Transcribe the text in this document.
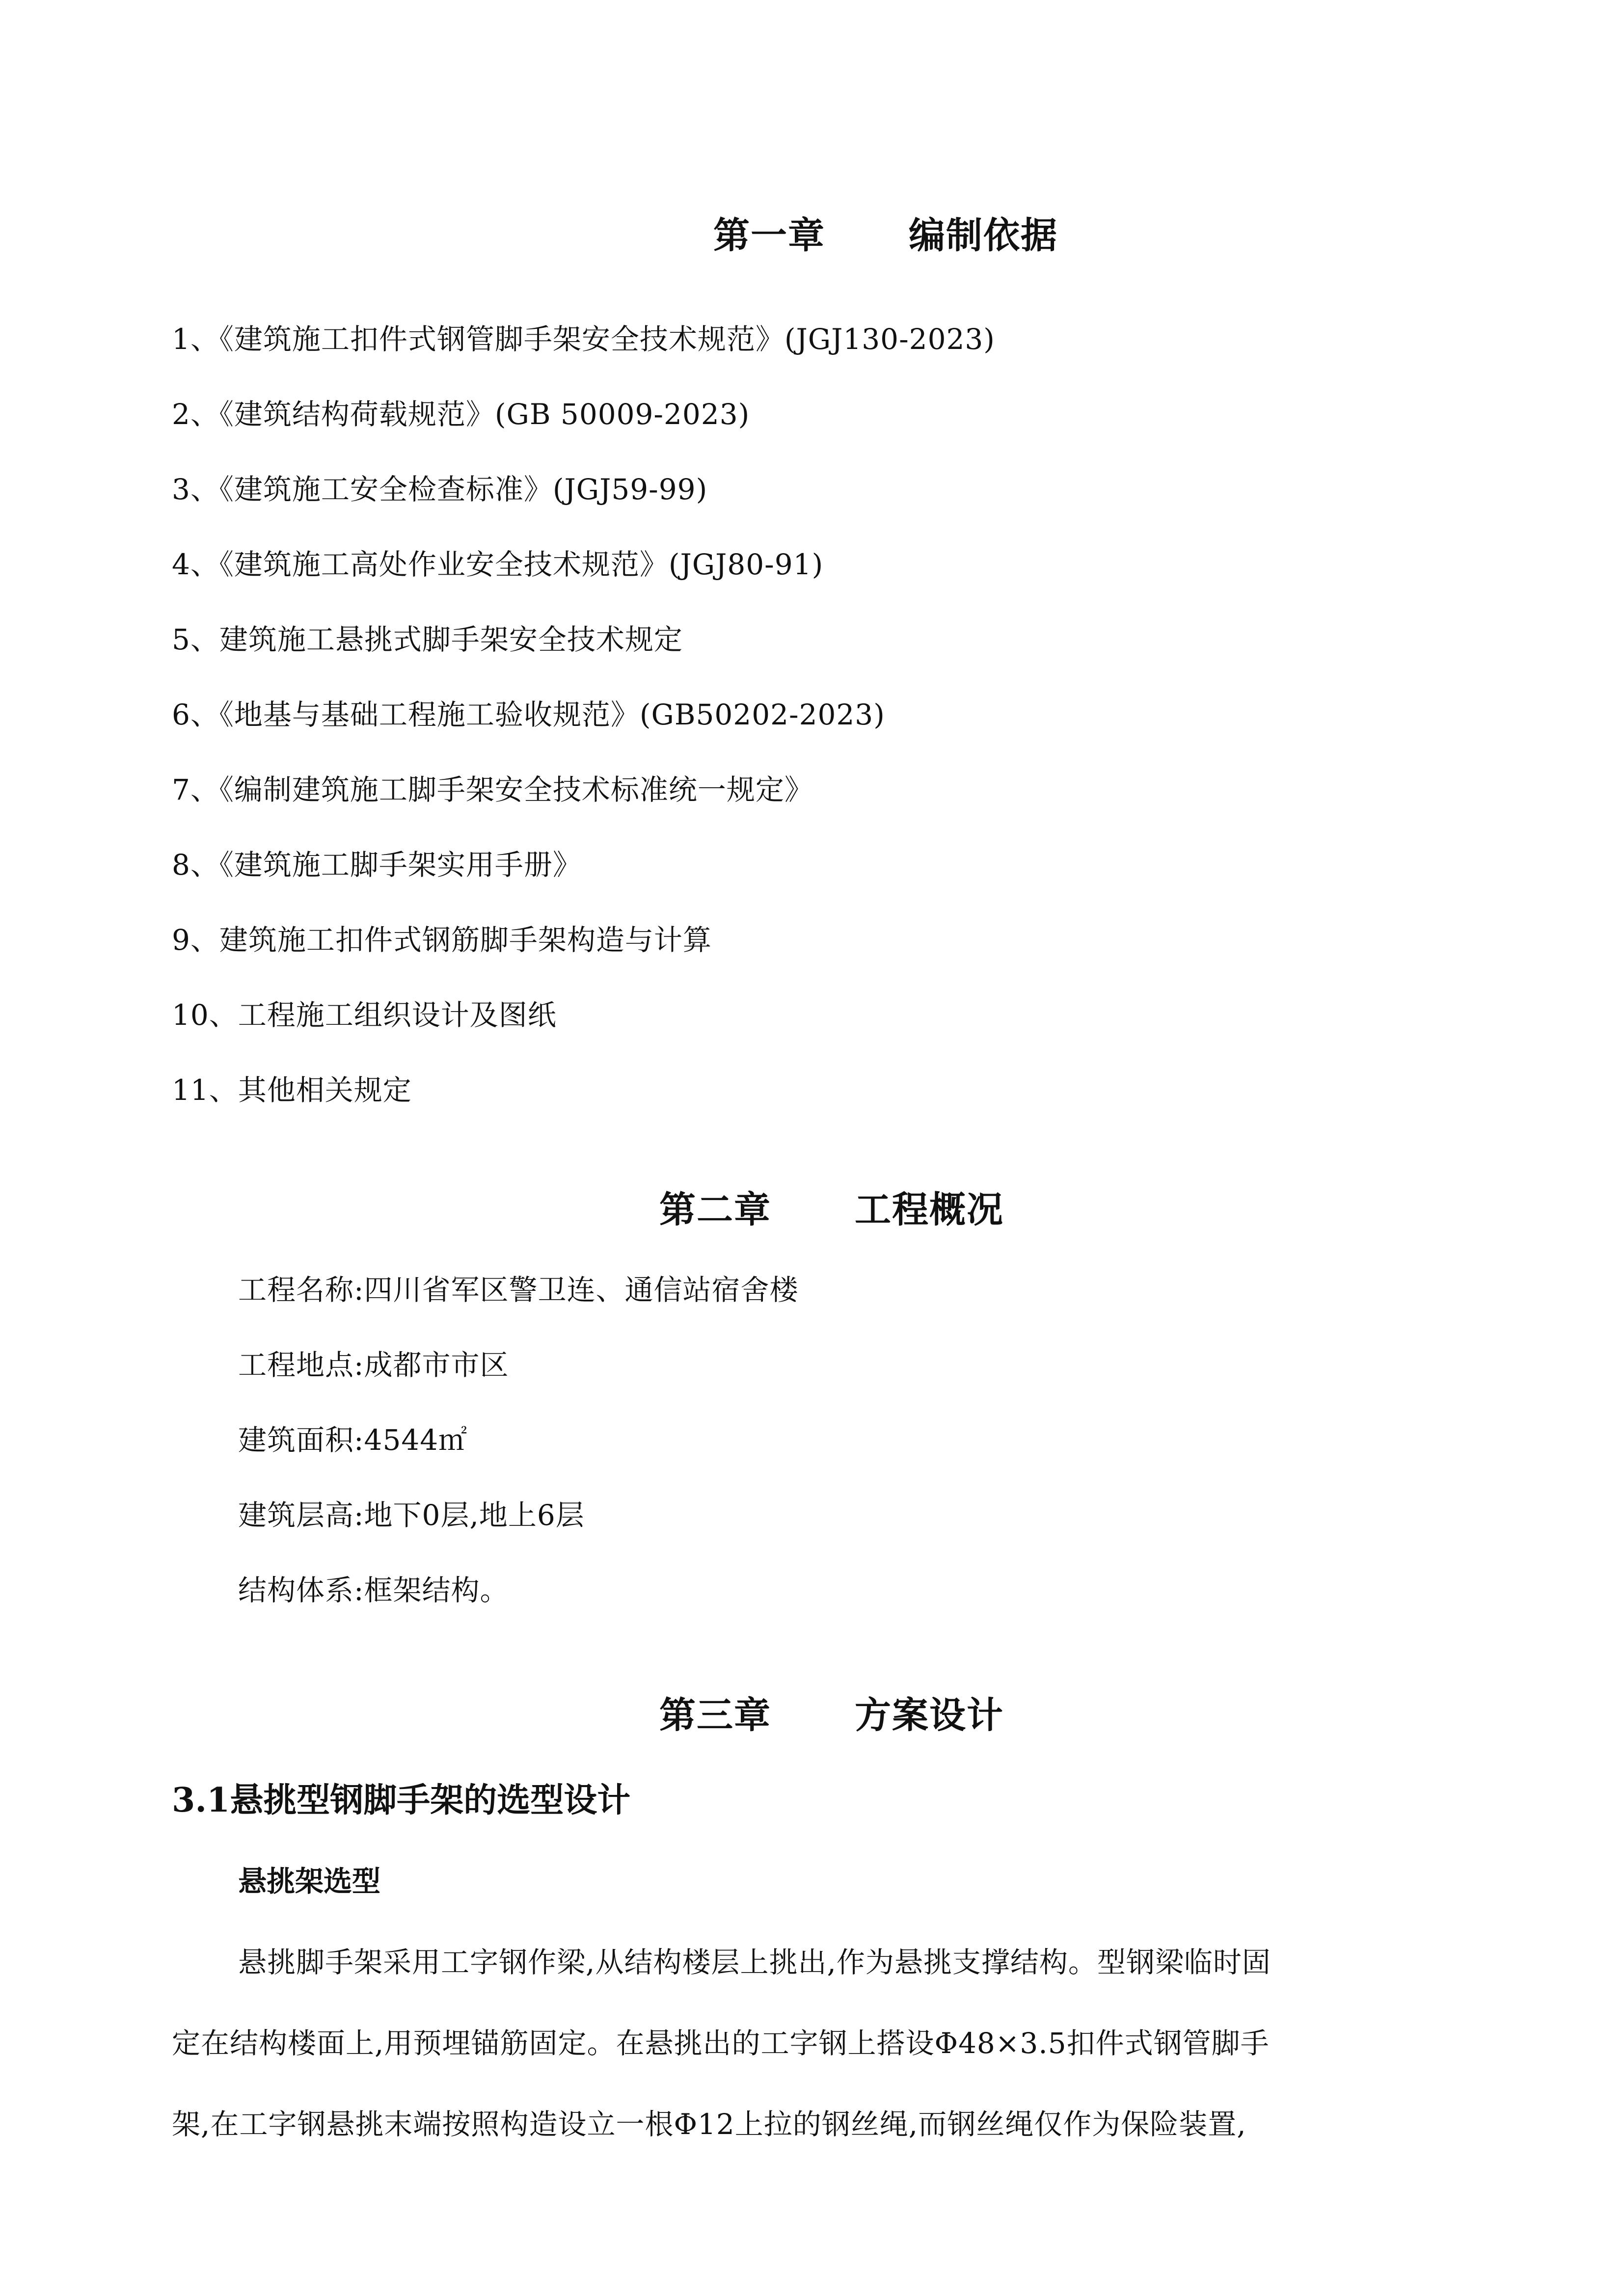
第一章 编制依据
1、《建筑施工扣件式钢管脚手架安全技术规范》(JGJ130-2023)
2、《建筑结构荷载规范》(GB 50009-2023)
3、《建筑施工安全检查标准》(JGJ59-99)
4、《建筑施工高处作业安全技术规范》(JGJ80-91)
5、建筑施工悬挑式脚手架安全技术规定
6、《地基与基础工程施工验收规范》(GB50202-2023)
7、《编制建筑施工脚手架安全技术标准统一规定》
8、《建筑施工脚手架实用手册》
9、建筑施工扣件式钢筋脚手架构造与计算
10、工程施工组织设计及图纸
11、其他相关规定
第二章 工程概况
工程名称:四川省军区警卫连、通信站宿舍楼
工程地点:成都市市区
建筑面积:4544㎡
建筑层高:地下0层,地上6层
结构体系:框架结构。
第三章 方案设计
3.1悬挑型钢脚手架的选型设计
悬挑架选型
悬挑脚手架采用工字钢作梁,从结构楼层上挑出,作为悬挑支撑结构。型钢梁临时固
定在结构楼面上,用预埋锚筋固定。在悬挑出的工字钢上搭设Φ48×3.5扣件式钢管脚手
架,在工字钢悬挑末端按照构造设立一根Φ12上拉的钢丝绳,而钢丝绳仅作为保险装置,
